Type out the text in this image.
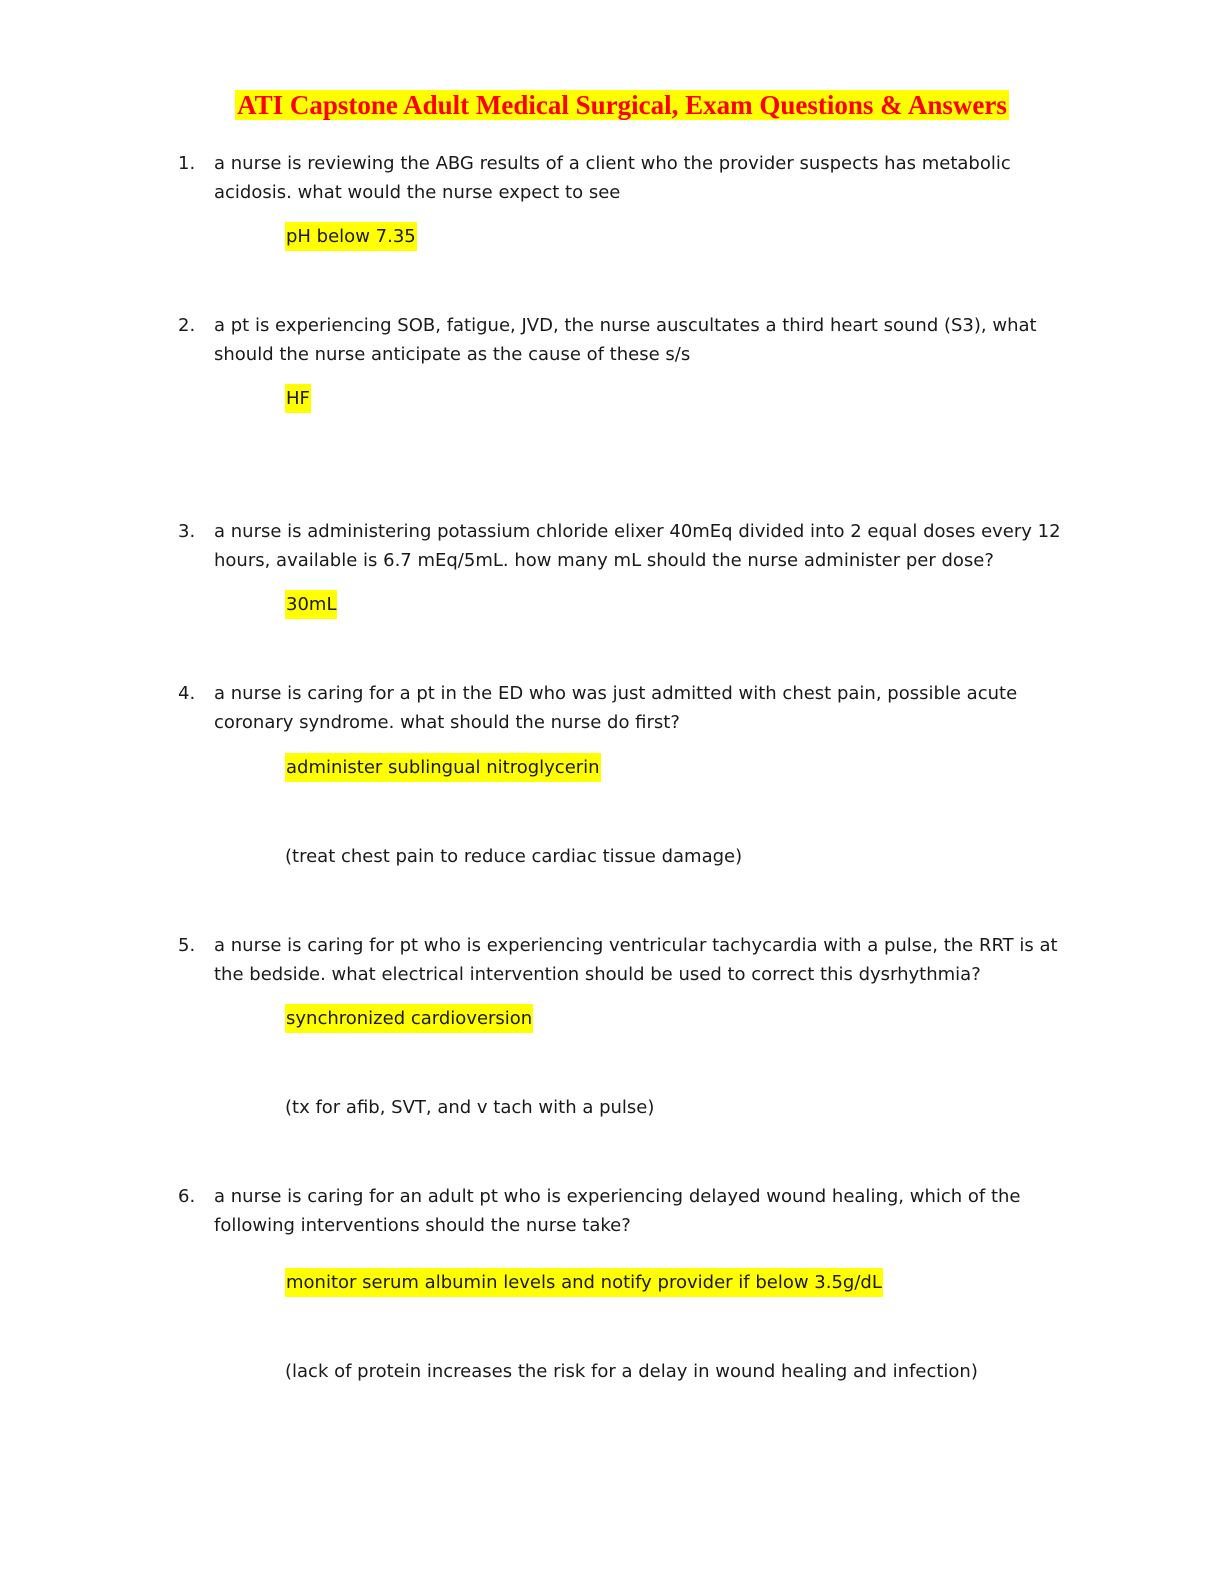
ATI Capstone Adult Medical Surgical, Exam Questions & Answers
1. a nurse is reviewing the ABG results of a client who the provider suspects has metabolic acidosis. what would the nurse expect to see

pH below 7.35
2. a pt is experiencing SOB, fatigue, JVD, the nurse auscultates a third heart sound (S3), what should the nurse anticipate as the cause of these s/s

HF
3. a nurse is administering potassium chloride elixer 40mEq divided into 2 equal doses every 12 hours, available is 6.7 mEq/5mL. how many mL should the nurse administer per dose?

30mL
4. a nurse is caring for a pt in the ED who was just admitted with chest pain, possible acute coronary syndrome. what should the nurse do first?

administer sublingual nitroglycerin
(treat chest pain to reduce cardiac tissue damage)
5. a nurse is caring for pt who is experiencing ventricular tachycardia with a pulse, the RRT is at the bedside. what electrical intervention should be used to correct this dysrhythmia?

synchronized cardioversion
(tx for afib, SVT, and v tach with a pulse)
6. a nurse is caring for an adult pt who is experiencing delayed wound healing, which of the following interventions should the nurse take?

monitor serum albumin levels and notify provider if below 3.5g/dL
(lack of protein increases the risk for a delay in wound healing and infection)
